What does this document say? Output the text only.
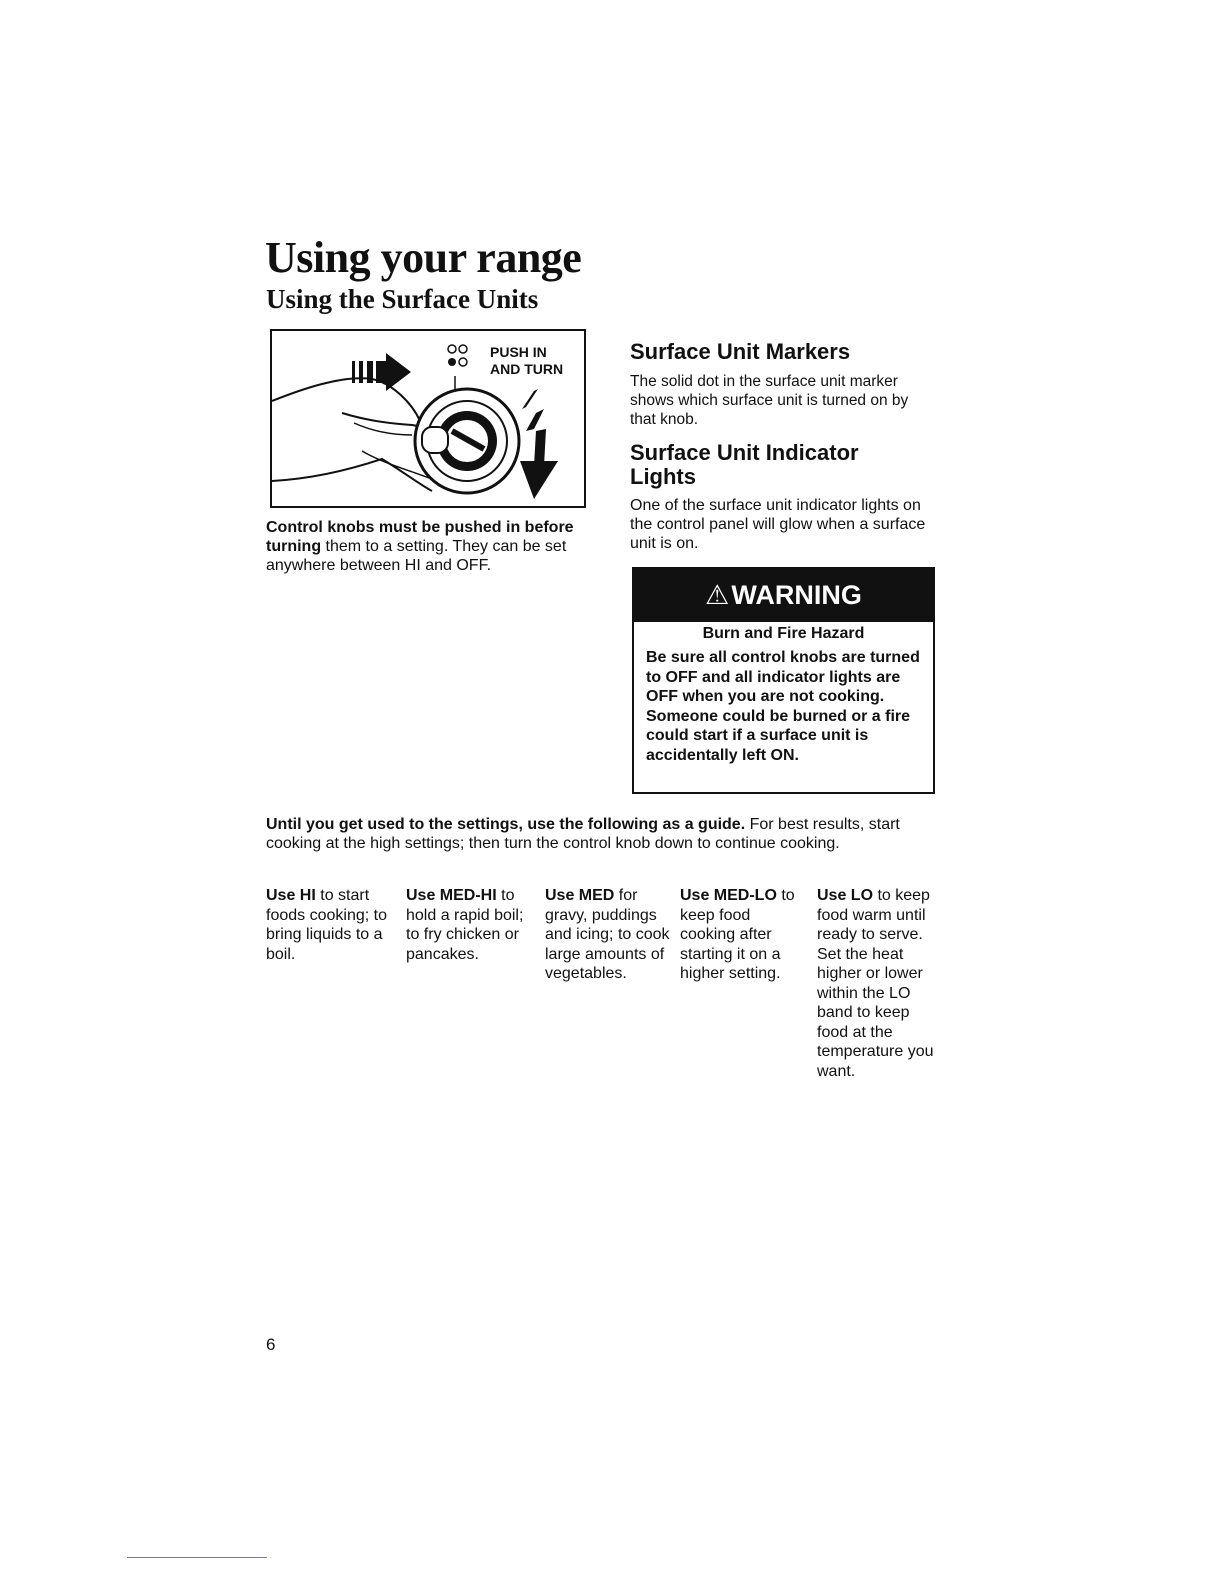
Using your range
Using the Surface Units
PUSH IN
AND TURN
Control knobs must be pushed in before turning them to a setting. They can be set anywhere between HI and OFF.
Surface Unit Markers
The solid dot in the surface unit marker shows which surface unit is turned on by that knob.
Surface Unit Indicator Lights
One of the surface unit indicator lights on the control panel will glow when a surface unit is on.
⚠WARNING
Burn and Fire Hazard
Be sure all control knobs are turned to OFF and all indicator lights are OFF when you are not cooking. Someone could be burned or a fire could start if a surface unit is accidentally left ON.
Until you get used to the settings, use the following as a guide. For best results, start cooking at the high settings; then turn the control knob down to continue cooking.
Use HI to start foods cooking; to bring liquids to a boil.
Use MED-HI to hold a rapid boil; to fry chicken or pancakes.
Use MED for gravy, puddings and icing; to cook large amounts of vegetables.
Use MED-LO to keep food cooking after starting it on a higher setting.
Use LO to keep food warm until ready to serve. Set the heat higher or lower within the LO band to keep food at the temperature you want.
6
